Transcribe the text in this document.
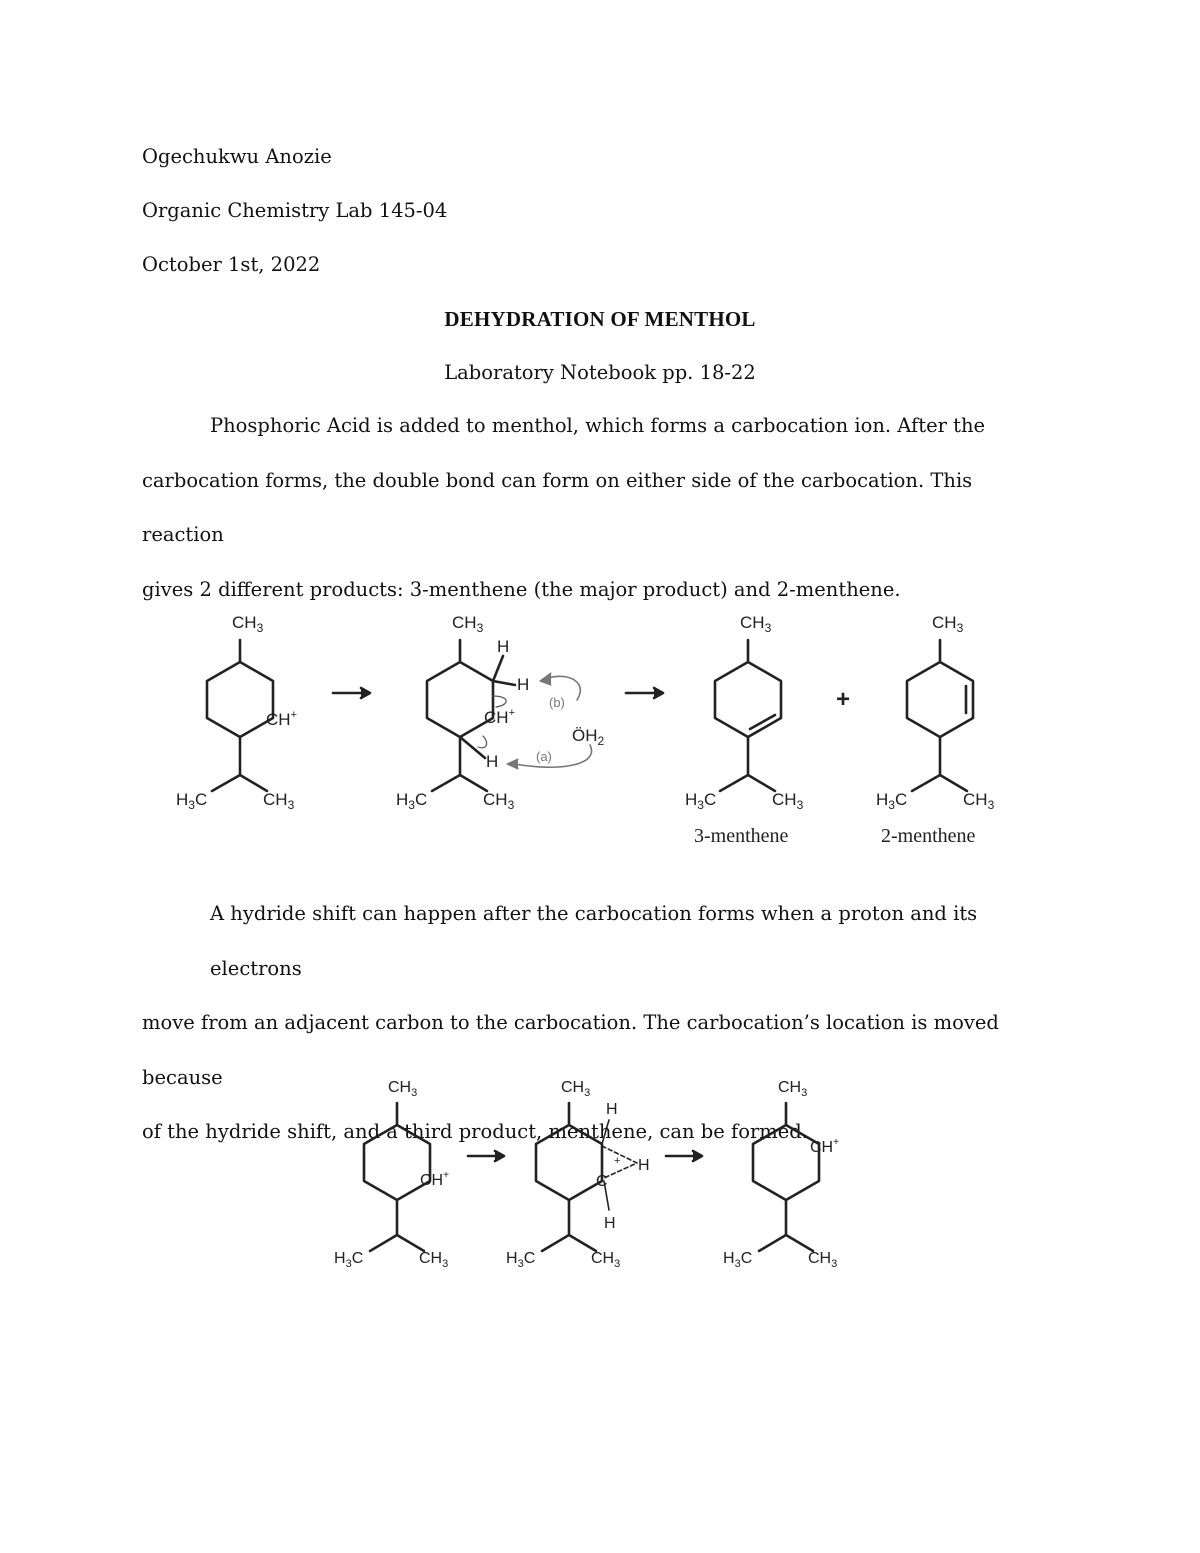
Ogechukwu Anozie
Organic Chemistry Lab 145-04
October 1st, 2022
DEHYDRATION OF MENTHOL
Laboratory Notebook pp. 18-22

Phosphoric Acid is added to menthol, which forms a carbocation ion. After the

carbocation forms, the double bond can form on either side of the carbocation. This reaction

gives 2 different products: 3-menthene (the major product) and 2-menthene.

$CH_3$
CH+
$H_3C$	$CH_3$
$CH_3$
H
H
CH+
H
$H_3C$	$CH_3$
$ÖH_2$
$CH_3$
$H_3C$	$CH_3$
$CH_3$
$H_3C$	$CH_3$
(b)
(a)
+
3-menthene	2-menthene

A hydride shift can happen after the carbocation forms when a proton and its electrons

move from an adjacent carbon to the carbocation. The carbocation’s location is moved because

of the hydride shift, and a third product, menthene, can be formed.

$CH_3$
CH+
$H_3C$	$CH_3$
$CH_3$
H
+ H
C
H
$H_3C$	$CH_3$
$CH_3$
CH+
$H_3C$	$CH_3$
